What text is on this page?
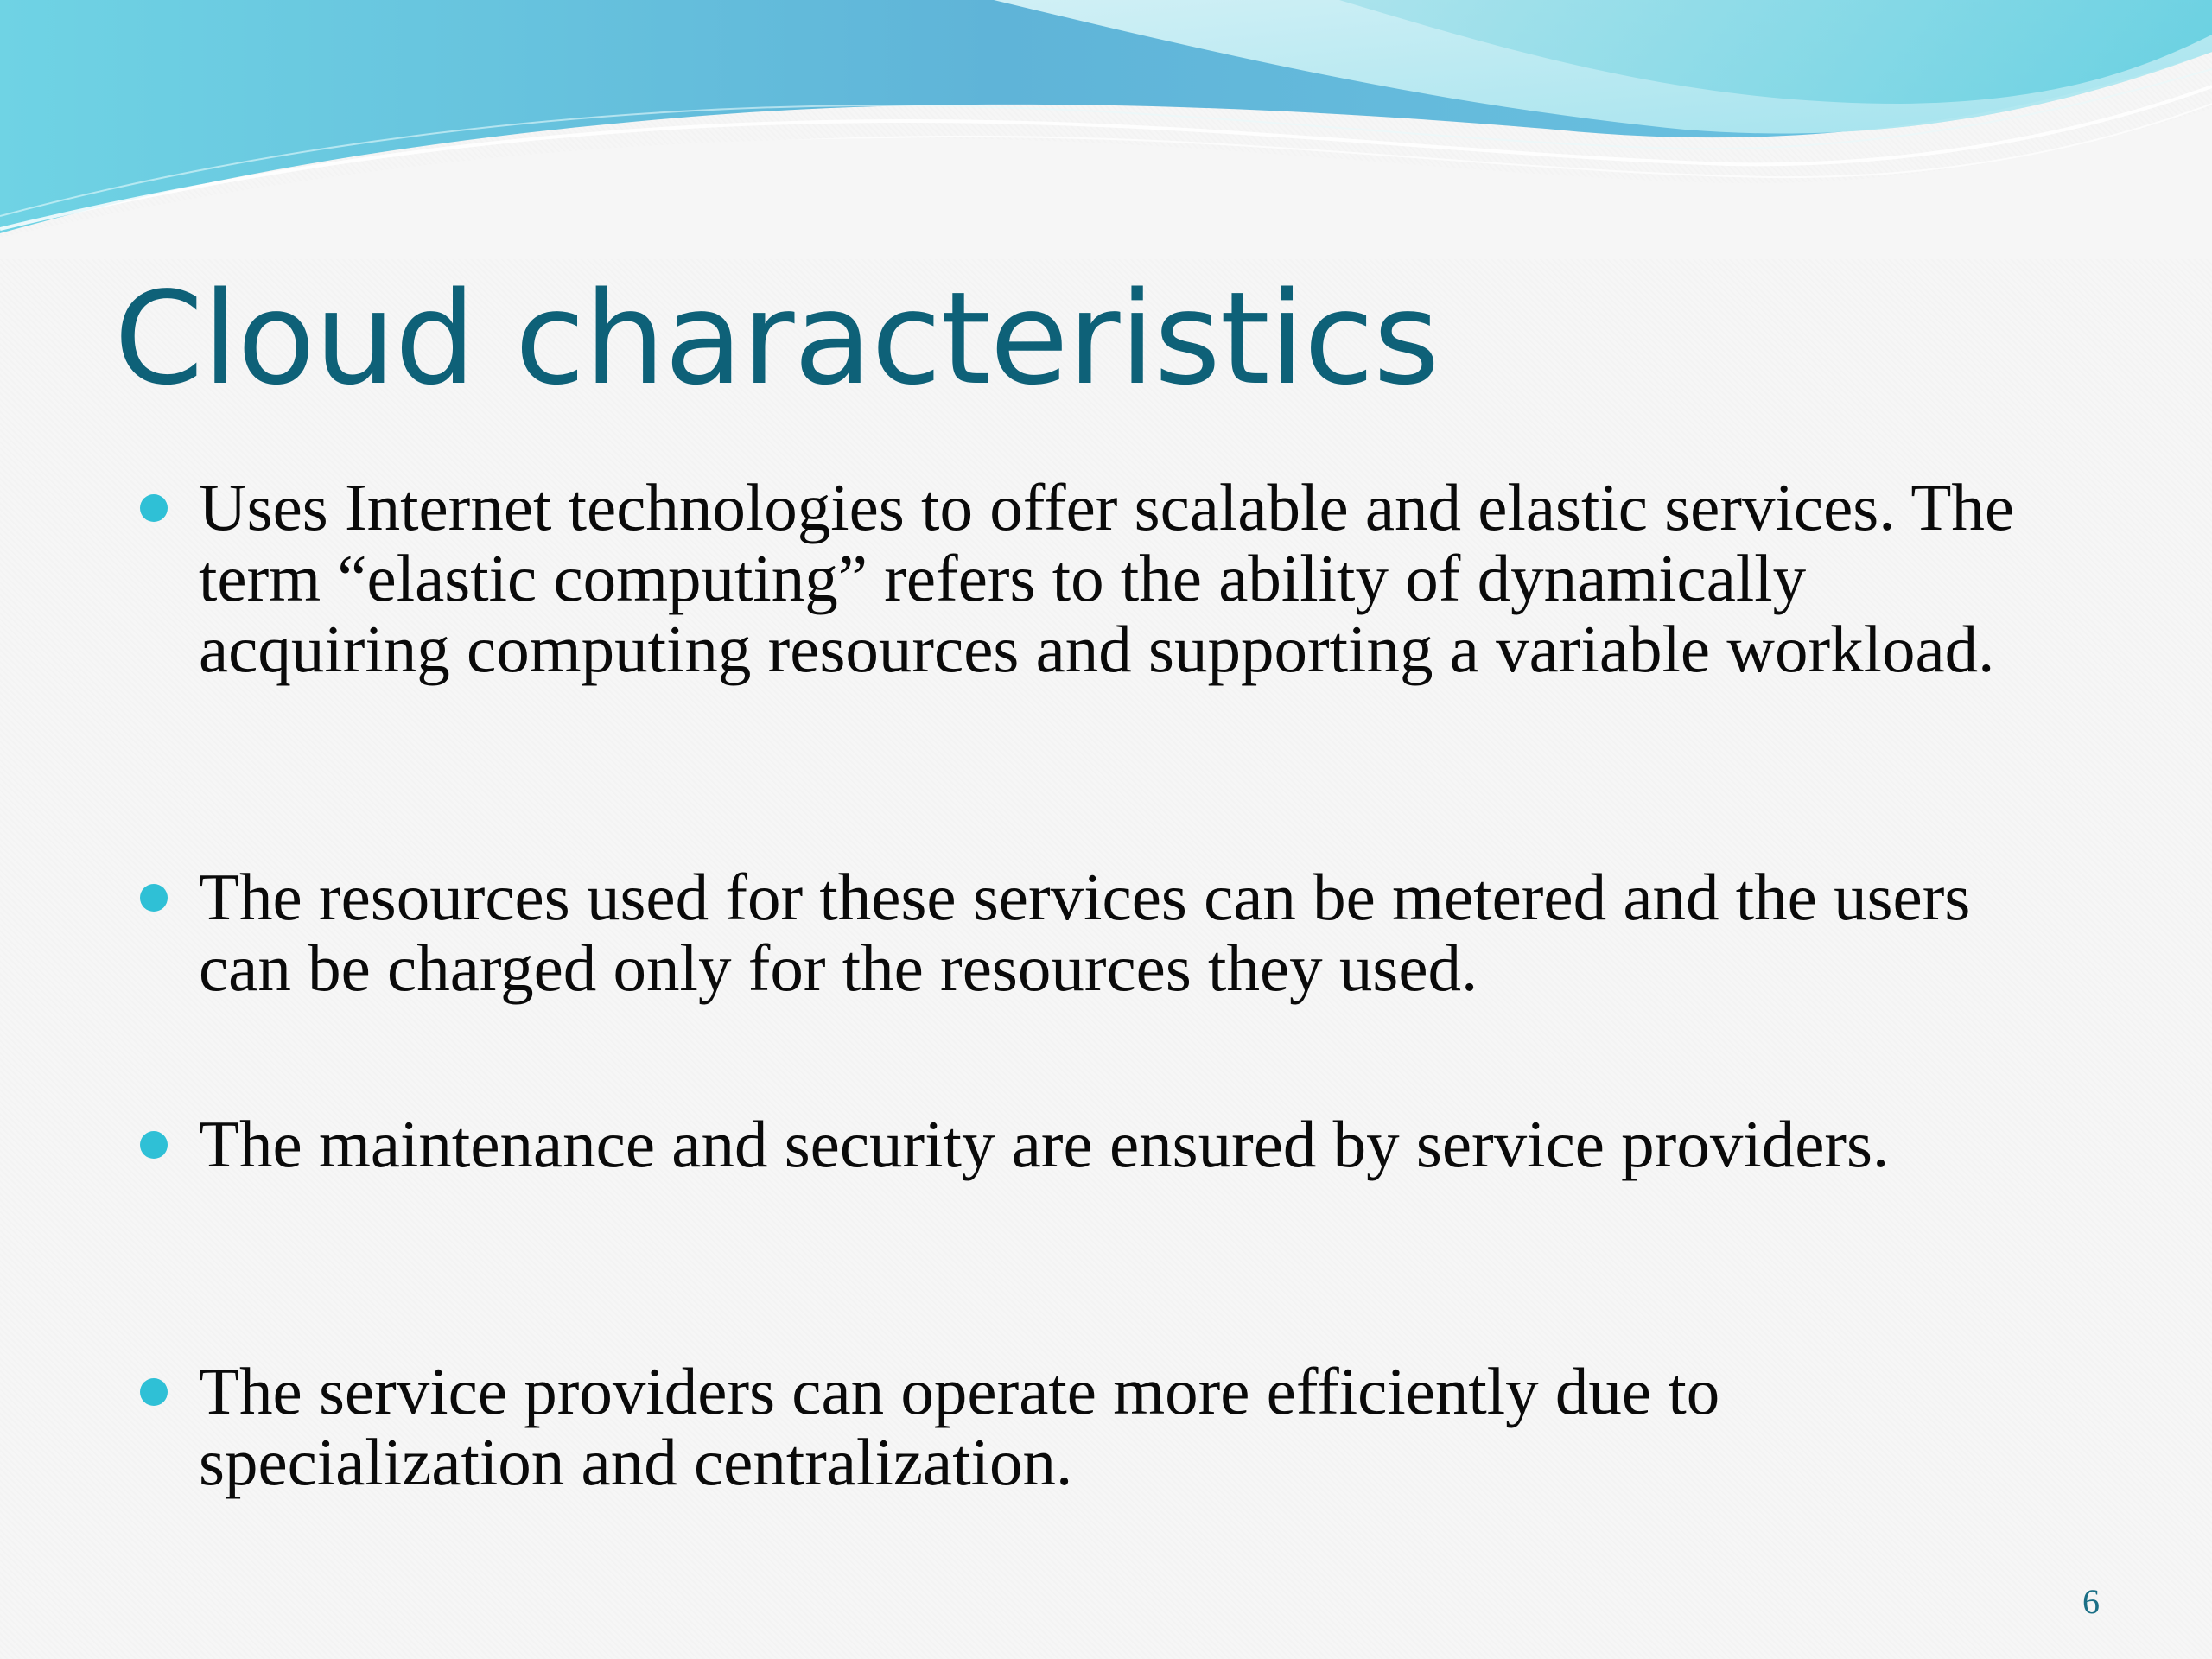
Cloud characteristics
Uses Internet technologies to offer scalable and elastic services. The term “elastic computing” refers to the ability of dynamically acquiring computing resources and supporting a variable workload.
The resources used for these services can be metered and the users can be charged only for the resources they used.
The maintenance and security are ensured by service providers.
The service providers can operate more efficiently due to specialization and centralization.
6
